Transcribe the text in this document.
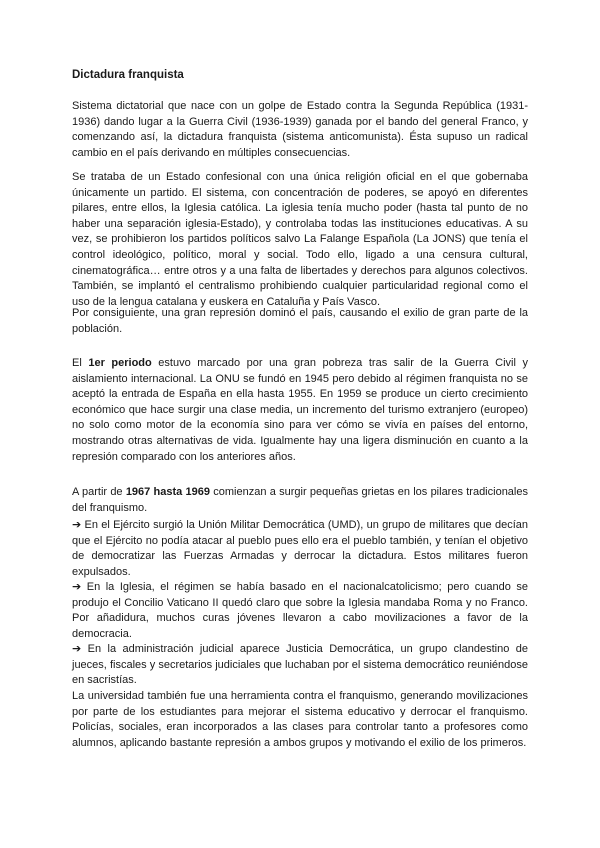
Dictadura franquista

Sistema dictatorial que nace con un golpe de Estado contra la Segunda República (1931-1936) dando lugar a la Guerra Civil (1936-1939) ganada por el bando del general Franco, y comenzando así, la dictadura franquista (sistema anticomunista). Ésta supuso un radical cambio en el país derivando en múltiples consecuencias.

Se trataba de un Estado confesional con una única religión oficial en el que gobernaba únicamente un partido. El sistema, con concentración de poderes, se apoyó en diferentes pilares, entre ellos, la Iglesia católica. La iglesia tenía mucho poder (hasta tal punto de no haber una separación iglesia-Estado), y controlaba todas las instituciones educativas. A su vez, se prohibieron los partidos políticos salvo La Falange Española (La JONS) que tenía el control ideológico, político, moral y social. Todo ello, ligado a una censura cultural, cinematográfica… entre otros y a una falta de libertades y derechos para algunos colectivos. También, se implantó el centralismo prohibiendo cualquier particularidad regional como el uso de la lengua catalana y euskera en Cataluña y País Vasco.

Por consiguiente, una gran represión dominó el país, causando el exilio de gran parte de la población.

El 1er periodo estuvo marcado por una gran pobreza tras salir de la Guerra Civil y aislamiento internacional. La ONU se fundó en 1945 pero debido al régimen franquista no se aceptó la entrada de España en ella hasta 1955. En 1959 se produce un cierto crecimiento económico que hace surgir una clase media, un incremento del turismo extranjero (europeo) no solo como motor de la economía sino para ver cómo se vivía en países del entorno, mostrando otras alternativas de vida. Igualmente hay una ligera disminución en cuanto a la represión comparado con los anteriores años.

A partir de 1967 hasta 1969 comienzan a surgir pequeñas grietas en los pilares tradicionales del franquismo.

➔ En el Ejército surgió la Unión Militar Democrática (UMD), un grupo de militares que decían que el Ejército no podía atacar al pueblo pues ello era el pueblo también, y tenían el objetivo de democratizar las Fuerzas Armadas y derrocar la dictadura. Estos militares fueron expulsados.

➔ En la Iglesia, el régimen se había basado en el nacionalcatolicismo; pero cuando se produjo el Concilio Vaticano II quedó claro que sobre la Iglesia mandaba Roma y no Franco. Por añadidura, muchos curas jóvenes llevaron a cabo movilizaciones a favor de la democracia.

➔ En la administración judicial aparece Justicia Democrática, un grupo clandestino de jueces, fiscales y secretarios judiciales que luchaban por el sistema democrático reuniéndose en sacristías.

La universidad también fue una herramienta contra el franquismo, generando movilizaciones por parte de los estudiantes para mejorar el sistema educativo y derrocar el franquismo. Policías, sociales, eran incorporados a las clases para controlar tanto a profesores como alumnos, aplicando bastante represión a ambos grupos y motivando el exilio de los primeros.
